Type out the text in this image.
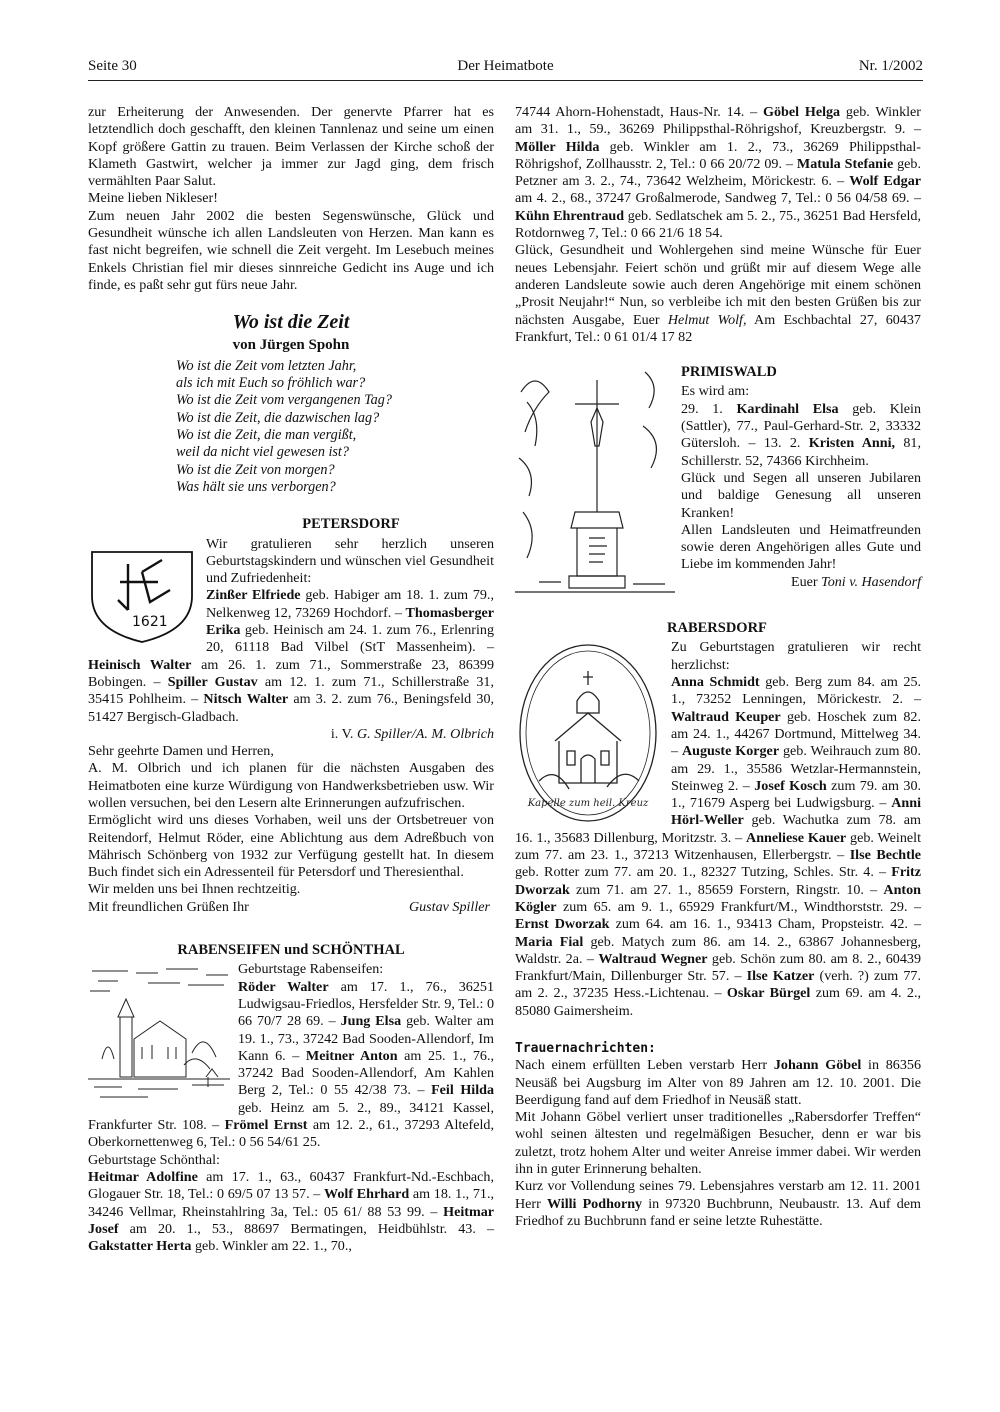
Seite 30	Der Heimatbote	Nr. 1/2002

zur Erheiterung der Anwesenden. Der genervte Pfarrer hat es letztendlich doch geschafft, den kleinen Tannlenaz und seine um einen Kopf größere Gattin zu trauen. Beim Verlassen der Kirche schoß der Klameth Gastwirt, welcher ja immer zur Jagd ging, dem frisch vermählten Paar Salut.

Meine lieben Nikleser!

Zum neuen Jahr 2002 die besten Segenswünsche, Glück und Gesundheit wünsche ich allen Landsleuten von Herzen. Man kann es fast nicht begreifen, wie schnell die Zeit vergeht. Im Lesebuch meines Enkels Christian fiel mir dieses sinnreiche Gedicht ins Auge und ich finde, es paßt sehr gut fürs neue Jahr.

Wo ist die Zeit
von Jürgen Spohn
Wo ist die Zeit vom letzten Jahr,
als ich mit Euch so fröhlich war?
Wo ist die Zeit vom vergangenen Tag?
Wo ist die Zeit, die dazwischen lag?
Wo ist die Zeit, die man vergißt,
weil da nicht viel gewesen ist?
Wo ist die Zeit von morgen?
Was hält sie uns verborgen?
PETERSDORF
1621

Wir gratulieren sehr herzlich unseren Geburtstagskindern und wünschen viel Gesundheit und Zufriedenheit:

Zinßer Elfriede geb. Habiger am 18. 1. zum 79., Nelkenweg 12, 73269 Hochdorf. – Thomasberger Erika geb. Heinisch am 24. 1. zum 76., Erlenring 20, 61118 Bad Vilbel (StT Massenheim). – Heinisch Walter am 26. 1. zum 71., Sommerstraße 23, 86399 Bobingen. – Spiller Gustav am 12. 1. zum 71., Schillerstraße 31, 35415 Pohlheim. – Nitsch Walter am 3. 2. zum 76., Beningsfeld 30, 51427 Bergisch-Gladbach.

i. V. G. Spiller/A. M. Olbrich

Sehr geehrte Damen und Herren,

A. M. Olbrich und ich planen für die nächsten Ausgaben des Heimatboten eine kurze Würdigung von Handwerksbetrieben usw. Wir wollen versuchen, bei den Lesern alte Erinnerungen aufzufrischen.

Ermöglicht wird uns dieses Vorhaben, weil uns der Ortsbetreuer von Reitendorf, Helmut Röder, eine Ablichtung aus dem Adreßbuch von Mährisch Schönberg von 1932 zur Verfügung gestellt hat. In diesem Buch findet sich ein Adressenteil für Petersdorf und Theresienthal.

Wir melden uns bei Ihnen rechtzeitig.

Mit freundlichen Grüßen Ihr	Gustav Spiller
RABENSEIFEN und SCHÖNTHAL

Geburtstage Rabenseifen:

Röder Walter am 17. 1., 76., 36251 Ludwigsau-Friedlos, Hersfelder Str. 9, Tel.: 0 66 70/7 28 69. – Jung Elsa geb. Walter am 19. 1., 73., 37242 Bad Sooden-Allendorf, Im Kann 6. – Meitner Anton am 25. 1., 76., 37242 Bad Sooden-Allendorf, Am Kahlen Berg 2, Tel.: 0 55 42/38 73. – Feil Hilda geb. Heinz am 5. 2., 89., 34121 Kassel, Frankfurter Str. 108. – Frömel Ernst am 12. 2., 61., 37293 Altefeld, Oberkornettenweg 6, Tel.: 0 56 54/61 25.

Geburtstage Schönthal:

Heitmar Adolfine am 17. 1., 63., 60437 Frankfurt-Nd.-Eschbach, Glogauer Str. 18, Tel.: 0 69/5 07 13 57. – Wolf Ehrhard am 18. 1., 71., 34246 Vellmar, Rheinstahlring 3a, Tel.: 05 61/ 88 53 99. – Heitmar Josef am 20. 1., 53., 88697 Bermatingen, Heidbühlstr. 43. – Gakstatter Herta geb. Winkler am 22. 1., 70.,

74744 Ahorn-Hohenstadt, Haus-Nr. 14. – Göbel Helga geb. Winkler am 31. 1., 59., 36269 Philippsthal-Röhrigshof, Kreuzbergstr. 9. – Möller Hilda geb. Winkler am 1. 2., 73., 36269 Philippsthal-Röhrigshof, Zollhausstr. 2, Tel.: 0 66 20/72 09. – Matula Stefanie geb. Petzner am 3. 2., 74., 73642 Welzheim, Mörickestr. 6. – Wolf Edgar am 4. 2., 68., 37247 Großalmerode, Sandweg 7, Tel.: 0 56 04/58 69. – Kühn Ehrentraud geb. Sedlatschek am 5. 2., 75., 36251 Bad Hersfeld, Rotdornweg 7, Tel.: 0 66 21/6 18 54.

Glück, Gesundheit und Wohlergehen sind meine Wünsche für Euer neues Lebensjahr. Feiert schön und grüßt mir auf diesem Wege alle anderen Landsleute sowie auch deren Angehörige mit einem schönen „Prosit Neujahr!“ Nun, so verbleibe ich mit den besten Grüßen bis zur nächsten Ausgabe, Euer Helmut Wolf, Am Eschbachtal 27, 60437 Frankfurt, Tel.: 0 61 01/4 17 82

PRIMISWALD

Es wird am:

29. 1. Kardinahl Elsa geb. Klein (Sattler), 77., Paul-Gerhard-Str. 2, 33332 Gütersloh. – 13. 2. Kristen Anni, 81, Schillerstr. 52, 74366 Kirchheim.

Glück und Segen all unseren Jubilaren und baldige Genesung all unseren Kranken!

Allen Landsleuten und Heimatfreunden sowie deren Angehörigen alles Gute und Liebe im kommenden Jahr!

Euer Toni v. Hasendorf
RABERSDORF
Kapelle zum heil. Kreuz

Zu Geburtstagen gratulieren wir recht herzlichst:

Anna Schmidt geb. Berg zum 84. am 25. 1., 73252 Lenningen, Mörickestr. 2. – Waltraud Keuper geb. Hoschek zum 82. am 24. 1., 44267 Dortmund, Mittelweg 34. – Auguste Korger geb. Weihrauch zum 80. am 29. 1., 35586 Wetzlar-Hermannstein, Steinweg 2. – Josef Kosch zum 79. am 30. 1., 71679 Asperg bei Ludwigsburg. – Anni Hörl-Weller geb. Wachutka zum 78. am 16. 1., 35683 Dillenburg, Moritzstr. 3. – Anneliese Kauer geb. Weinelt zum 77. am 23. 1., 37213 Witzenhausen, Ellerbergstr. – Ilse Bechtle geb. Rotter zum 77. am 20. 1., 82327 Tutzing, Schles. Str. 4. – Fritz Dworzak zum 71. am 27. 1., 85659 Forstern, Ringstr. 10. – Anton Kögler zum 65. am 9. 1., 65929 Frankfurt/M., Windthorststr. 29. – Ernst Dworzak zum 64. am 16. 1., 93413 Cham, Propsteistr. 42. – Maria Fial geb. Matych zum 86. am 14. 2., 63867 Johannesberg, Waldstr. 2a. – Waltraud Wegner geb. Schön zum 80. am 8. 2., 60439 Frankfurt/Main, Dillenburger Str. 57. – Ilse Katzer (verh. ?) zum 77. am 2. 2., 37235 Hess.-Lichtenau. – Oskar Bürgel zum 69. am 4. 2., 85080 Gaimersheim.

Trauernachrichten:

Nach einem erfüllten Leben verstarb Herr Johann Göbel in 86356 Neusäß bei Augsburg im Alter von 89 Jahren am 12. 10. 2001. Die Beerdigung fand auf dem Friedhof in Neusäß statt.

Mit Johann Göbel verliert unser traditionelles „Rabersdorfer Treffen“ wohl seinen ältesten und regelmäßigen Besucher, denn er war bis zuletzt, trotz hohem Alter und weiter Anreise immer dabei. Wir werden ihn in guter Erinnerung behalten.

Kurz vor Vollendung seines 79. Lebensjahres verstarb am 12. 11. 2001 Herr Willi Podhorny in 97320 Buchbrunn, Neubaustr. 13. Auf dem Friedhof zu Buchbrunn fand er seine letzte Ruhestätte.
